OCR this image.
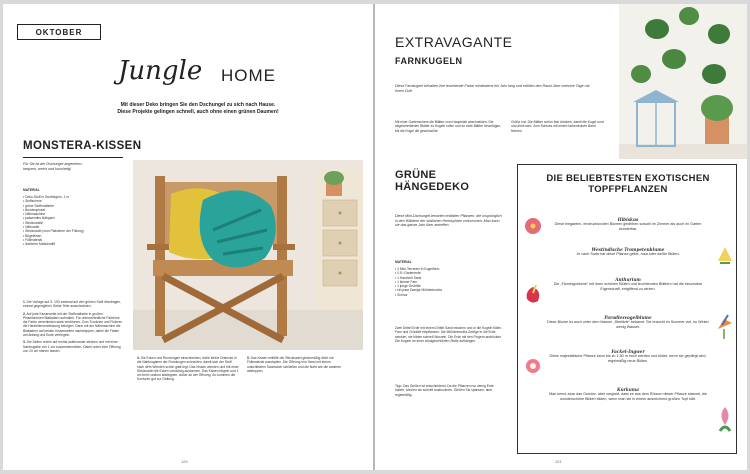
OKTOBER
Jungle HOME
Mit dieser Deko bringen Sie den Dschungel zu sich nach Hause.
Diese Projekte gelingen schnell, auch ohne einen grünen Daumen!
MONSTERA-KISSEN
Für Sie ist der Dschungel angenehm:
bequem, weich und kuschelig!
MATERIAL
• Deko-Stoff in Dunkelgrün, 1 m
• Stoffschere
• grüne Stoffmalfarbe
• Borstenpinsel
• Nähmaschine
• passendes Nähgarn
• Stecknadeln
• Nähnadel
• Stricknadel (zum Platzieren der Füllung)
• Bügeleisen
• Füllmaterial
• Ikeliicher Markierstift

1. Die Vorlage auf S. 193 zweimal auf den grünen Stoff übertragen, einmal gegengleich. Beide Teile ausschneiden.

2. Auf jede Kissenseite mit der Stoffmalfarbe in großen Pinselstrichen Blattadern aufmalen. Für unterschiedliche Farbtöne die Farbe verschieden stark verdünnen. Zum Trocknen und Fixieren die Herstellerverwieisung befolgen. Dann mit der Nähmaschine die Blattadern auf beiden Kissenseiten nachsteppen, dabei die Fäden am Anfang und Ende verriegeln.

3. Die Seiten rechts auf rechts aufeinander stecken und mit einer Nahtzugabe von 1 cm zusammennähen. Dabei unten eine Öffnung von 20 cm stehen lassen.

4. Die Ecken und Rundungen einschneiden, dafür kleine Dreiecke in die Nahtzugaben der Rundungen schneiden, damit sich der Stoff nach dem Wenden schön glatt legt. Das Kissen wenden und mit einer Stricknadel die Ecken vorsichtig ausformen. Das Kissen bügeln und 1 cm breit rundum absteppen, außer an der Öffnung. So kommen die Konturen gut zur Geltung.

5. Das Kissen mithilfe der Stricknadel gleichmäßig dicht mit Füllmaterial ausstopfen. Die Öffnung von Hand mit einem unsichtbaren Saumstich schließen und die Naht wie die anderen absteppen.

120
EXTRAVAGANTE
FARNKUGELN
Diese Farnkugeln behalten ihre leuchtende Farbe mindestens ein Jahr lang und erfüllen den Raum über mehrere Tage mit ihrem Duft.
Mit einer Gartenschere die Blätter vom Hauptstiel abschneiden. Die abgeschnittenen Blätter zu Kugeln rollen und so viele Blätter hinzufügen, bis die Kugel die gewünschte
Größe hat. Die Blätter schön fest drücken, damit die Kugel rund und dicht wird. Zum Schluss mit einem farbenfrohen Band fixieren.
GRÜNE
HÄNGEDEKO
Diese Mini-Dschungel-terrarien entfalten Pflanzen, die ursprünglich in den Wäldern der südlichen Hemisphäre vorkommen. Man kann sie das ganze Jahr über antreffen.
MATERIAL
• 3 Mini-Terrarien in Kugelform
• 0,5 l Gartenerde
• 1 Handvoll Sand
• 1 kleiner Farn
• 1 junge Grünlilie
• ein paar Zweige Mühlenbeckia
• Schnur
Zwei Drittel Erde mit einem Drittel Sand mischen und in die Kugeln füllen. Farn und Grünlilie einpflanzen. Die Mühlenbeckia-Zweige in die Erde stecken, sie bilden schnell Wurzeln. Die Erde mit den Fingern andrücken. Die Kugeln an einer windgeschützten Stelle aufhängen.
Tipp: Das Gießen ist entscheidend: Da die Pflanzen nur wenig Erde haben, können sie schnell austrocknen. Gießen Sie sparsam, aber regelmäßig.
DIE BELIEBTESTEN EXOTISCHEN
TOPFPFLANZEN
Hibiskus
Diese eleganten, eindrucksvollen Blumen gedeihen sowohl im Zimmer als auch im Garten wunderbar.
Westindische Trompetenblume
Je nach Sorte hat diese Pflanze gelbe, rosa oder weiße Blüten.
Anthurium
Die „Flamingoblume“ mit ihren schönen Blüten und leuchtenden Blättern hat die besondere Eigenschaft, entgiftend zu wirken.
Paradiesvogelblume
Diese Blume ist auch unter dem Namen „Strelitzie“ bekannt. Sie braucht im Sommer viel, im Winter wenig Wasser.
Fackel-Ingwer
Diese majestätische Pflanze kann bis zu 1,50 m hoch werden und bildet, wenn sie gepflegt wird, regelmäßig neue Blüten.
Kurkuma
Man kennt zwar das Gewürz, aber vergisst, dass es aus dem Rhizom dieser Pflanze stammt, die wunderschöne Blüten bilden, wenn man sie in einem ausreichend großen Topf hält.
121
